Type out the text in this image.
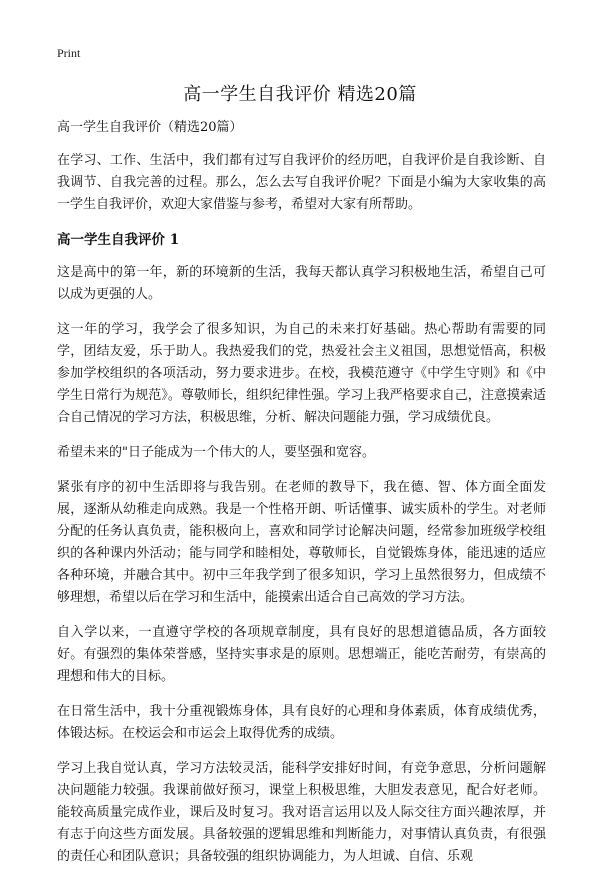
Print
高一学生自我评价 精选20篇

高一学生自我评价（精选20篇）

在学习、工作、生活中，我们都有过写自我评价的经历吧，自我评价是自我诊断、自我调节、自我完善的过程。那么，怎么去写自我评价呢？下面是小编为大家收集的高一学生自我评价，欢迎大家借鉴与参考，希望对大家有所帮助。

高一学生自我评价 1

这是高中的第一年，新的环境新的生活，我每天都认真学习积极地生活，希望自己可以成为更强的人。

这一年的学习，我学会了很多知识，为自己的未来打好基础。热心帮助有需要的同学，团结友爱，乐于助人。我热爱我们的党，热爱社会主义祖国，思想觉悟高，积极参加学校组织的各项活动，努力要求进步。在校，我模范遵守《中学生守则》和《中学生日常行为规范》。尊敬师长，组织纪律性强。学习上我严格要求自己，注意摸索适合自己情况的学习方法，积极思维，分析、解决问题能力强，学习成绩优良。

希望未来的"日子能成为一个伟大的人，要坚强和宽容。

紧张有序的初中生活即将与我告别。在老师的教导下，我在德、智、体方面全面发展，逐渐从幼稚走向成熟。我是一个性格开朗、听话懂事、诚实质朴的学生。对老师分配的任务认真负责，能积极向上，喜欢和同学讨论解决问题，经常参加班级学校组织的各种课内外活动；能与同学和睦相处，尊敬师长，自觉锻炼身体，能迅速的适应各种环境，并融合其中。初中三年我学到了很多知识，学习上虽然很努力，但成绩不够理想，希望以后在学习和生活中，能摸索出适合自己高效的学习方法。

自入学以来，一直遵守学校的各项规章制度，具有良好的思想道德品质，各方面较好。有强烈的集体荣誉感，坚持实事求是的原则。思想端正，能吃苦耐劳，有崇高的理想和伟大的目标。

在日常生活中，我十分重视锻炼身体，具有良好的心理和身体素质，体育成绩优秀，体锻达标。在校运会和市运会上取得优秀的成绩。

学习上我自觉认真，学习方法较灵活，能科学安排好时间，有竞争意思，分析问题解决问题能力较强。我课前做好预习，课堂上积极思维，大胆发表意见，配合好老师。能较高质量完成作业，课后及时复习。我对语言运用以及人际交往方面兴趣浓厚，并有志于向这些方面发展。具备较强的逻辑思维和判断能力，对事情认真负责，有很强的责任心和团队意识；具备较强的组织协调能力，为人坦诚、自信、乐观
